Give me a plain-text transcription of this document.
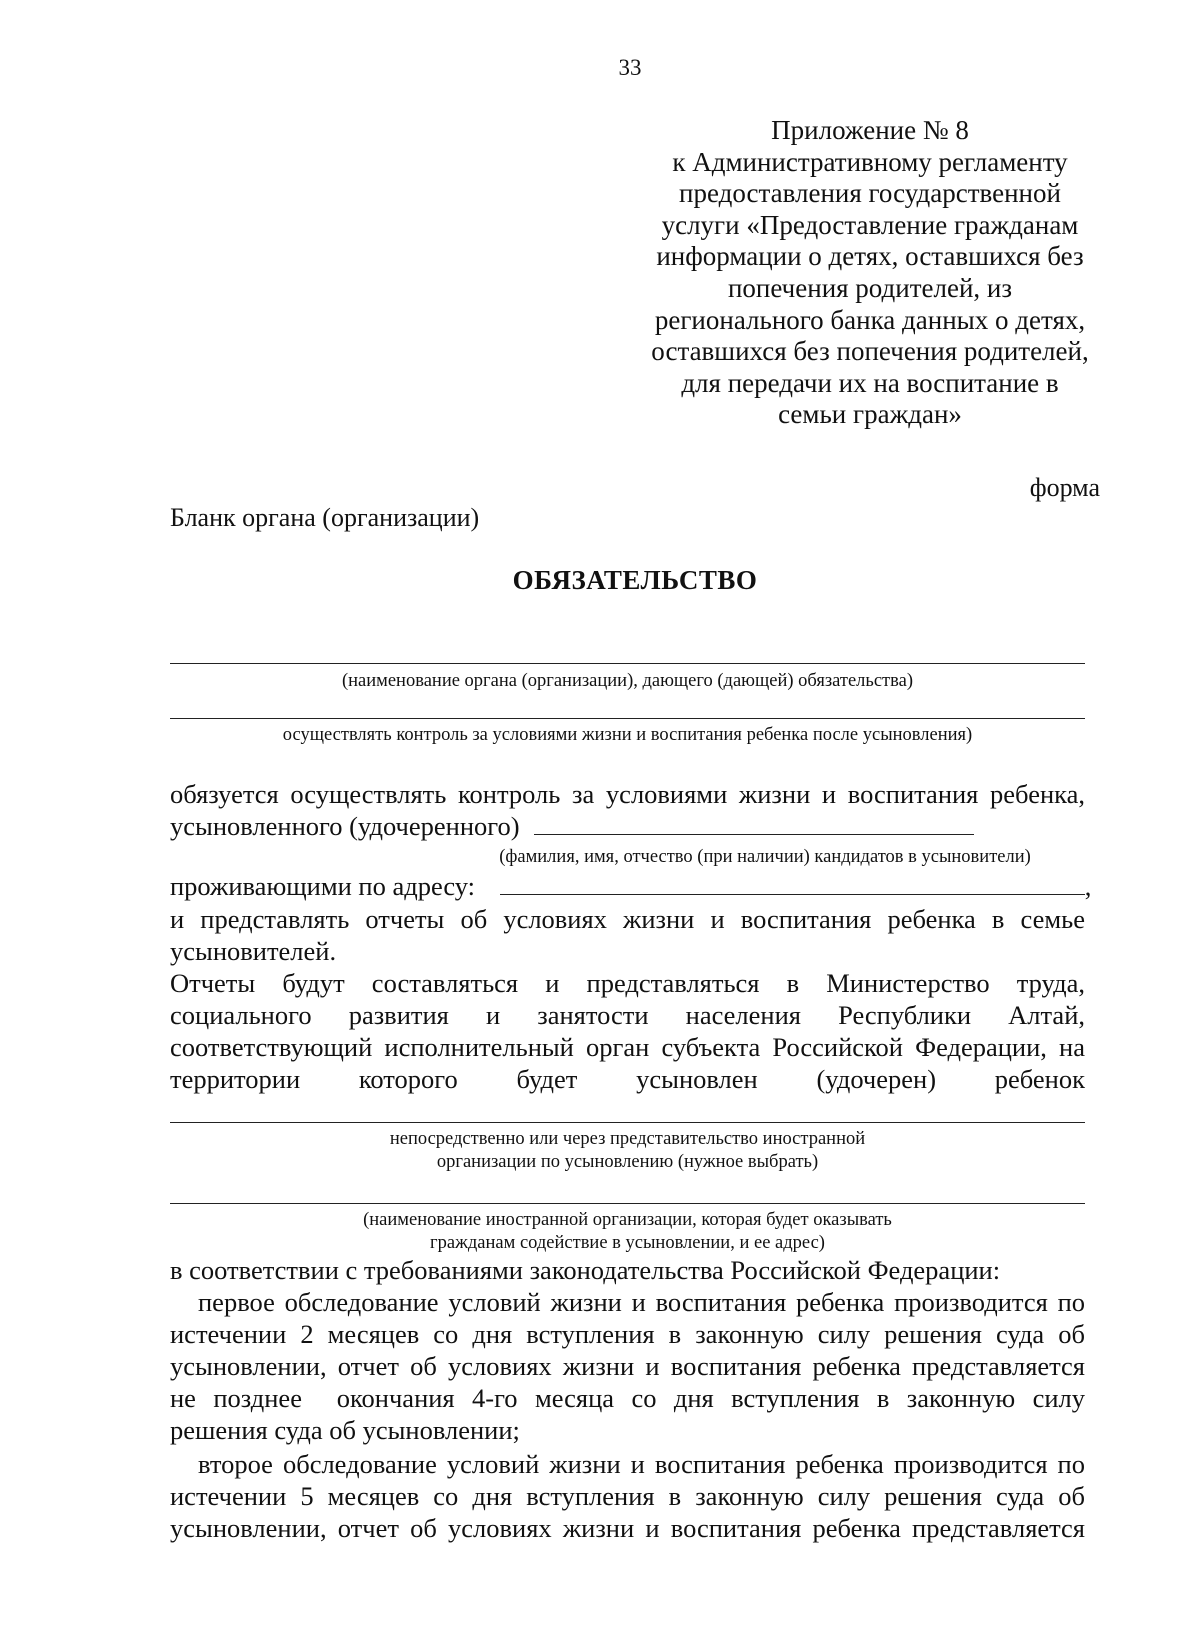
33
Приложение № 8
к Административному регламенту
предоставления государственной
услуги «Предоставление гражданам
информации о детях, оставшихся без
попечения родителей, из
регионального банка данных о детях,
оставшихся без попечения родителей,
для передачи их на воспитание в
семьи граждан»
форма
Бланк органа (организации)
ОБЯЗАТЕЛЬСТВО
(наименование органа (организации), дающего (дающей) обязательства)
осуществлять контроль за условиями жизни и воспитания ребенка после усыновления)
обязуется осуществлять контроль за условиями жизни и воспитания ребенка,
усыновленного (удочеренного)
(фамилия, имя, отчество (при наличии) кандидатов в усыновители)
проживающими по адресу:	,
и представлять отчеты об условиях жизни и воспитания ребенка в семье
усыновителей.
Отчеты будут составляться и представляться в Министерство труда,
социального развития и занятости населения Республики Алтай,
соответствующий исполнительный орган субъекта Российской Федерации, на
территории которого будет усыновлен (удочерен) ребенок
непосредственно или через представительство иностранной
организации по усыновлению (нужное выбрать)
(наименование иностранной организации, которая будет оказывать
гражданам содействие в усыновлении, и ее адрес)
в соответствии с требованиями законодательства Российской Федерации:
первое обследование условий жизни и воспитания ребенка производится по
истечении 2 месяцев со дня вступления в законную силу решения суда об
усыновлении, отчет об условиях жизни и воспитания ребенка представляется
не позднее  окончания 4-го месяца со дня вступления в законную силу
решения суда об усыновлении;
второе обследование условий жизни и воспитания ребенка производится по
истечении 5 месяцев со дня вступления в законную силу решения суда об
усыновлении, отчет об условиях жизни и воспитания ребенка представляется
